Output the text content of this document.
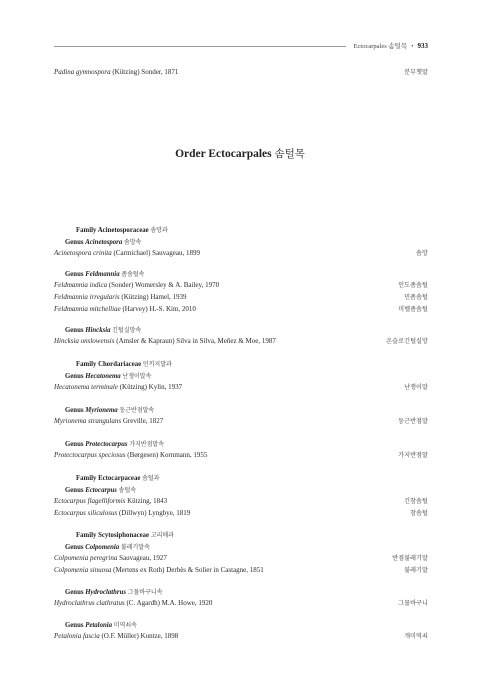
Ectocarpales 솜털목 • 933
Padina gymnospora (Kützing) Sonder, 1871	분부챗말
Order Ectocarpales 솜털목
Family Acinetosporaceae 솜망과
Genus Acinetospora 솜망속
Acinetospora crinita (Carmichael) Sauvageau, 1899	솜망
Genus Feldmannia 좀솜털속
Feldmannia indica (Sonder) Womersley & A. Bailey, 1970	인도좀솜털
Feldmannia irregularis (Kützing) Hamel, 1939	민좀솜털
Feldmannia mitchelliae (Harvey) H.-S. Kim, 2010	미펠좀솜털
Genus Hincksia 긴털실망속
Hincksia onslowensis (Amsler & Kapraun) Silva in Silva, Meñez & Moe, 1987	온슬로긴털실망
Family Chordariaceae 민끼지말과
Genus Hecatonema 난쟁이말속
Hecatonema terminale (Kützing) Kylin, 1937	난쟁이말
Genus Myrionema 둥근반점말속
Myrionema strangulans Greville, 1827	둥근반점말
Genus Protectocarpus 가지반점말속
Protectocarpus speciosus (Børgesen) Kornmann, 1955	가지반점말
Family Ectocarpaceae 솜털과
Genus Ectocarpus 솜털속
Ectocarpus flagelliformis Kützing, 1843	긴참솜털
Ectocarpus siliculosus (Dillwyn) Lyngbye, 1819	참솜털
Family Scytosiphonaceae 고리매과
Genus Colpomenia 불레기말속
Colpomenia peregrina Sauvageau, 1927	반점불레기말
Colpomenia sinuosa (Mertens ex Roth) Derbès & Solier in Castagne, 1851	불레기말
Genus Hydroclathrus 그물바구니속
Hydroclathrus clathratus (C. Agardh) M.A. Howe, 1920	그물바구니
Genus Petalonia 미역쇠속
Petalonia fascia (O.F. Müller) Kuntze, 1898	개미역쇠
